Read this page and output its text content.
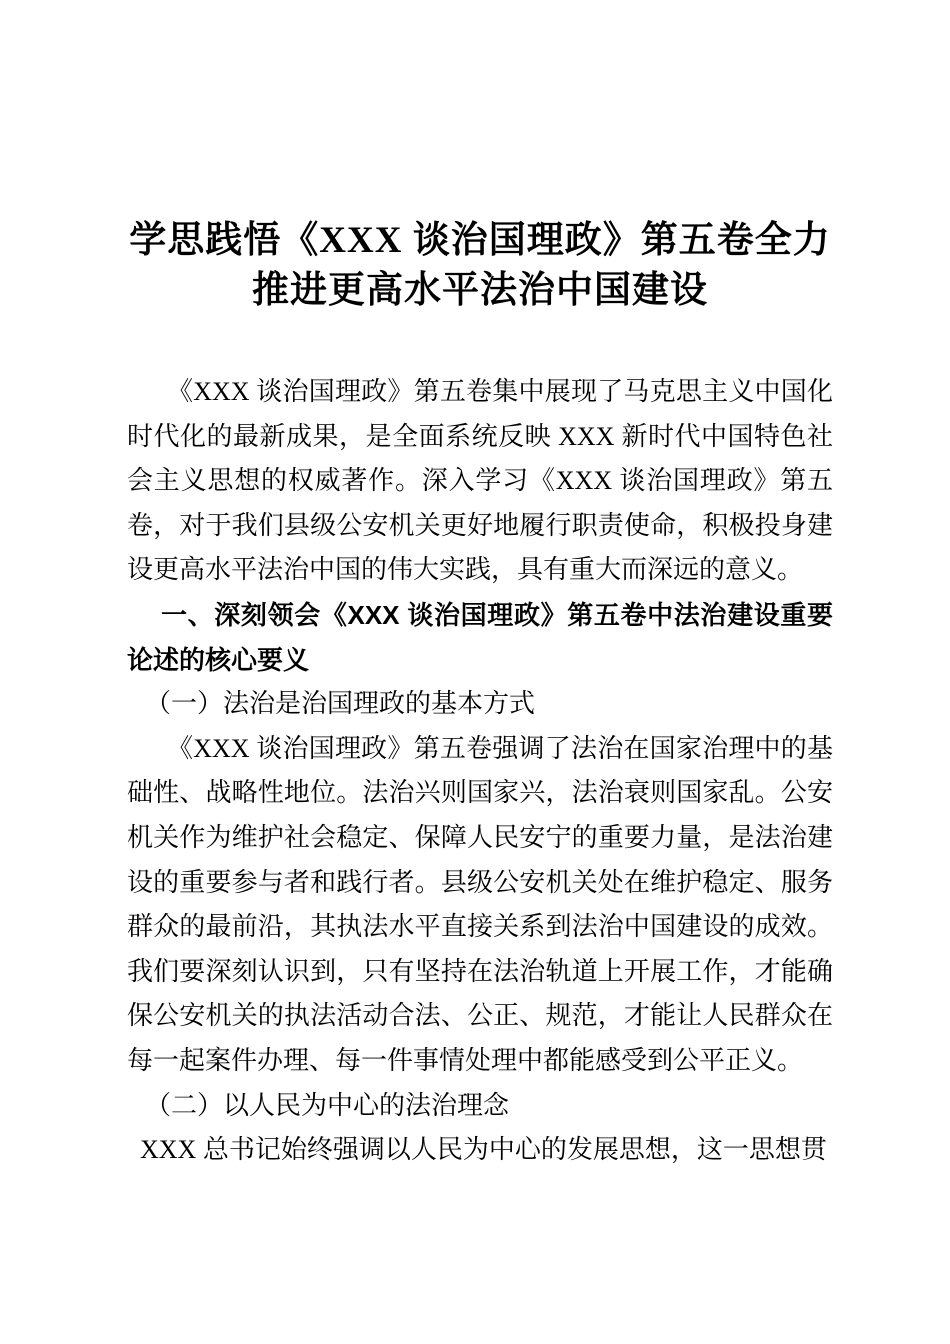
学思践悟《XXX 谈治国理政》第五卷全力推进更高水平法治中国建设

《XXX 谈治国理政》第五卷集中展现了马克思主义中国化时代化的最新成果，是全面系统反映 XXX 新时代中国特色社会主义思想的权威著作。深入学习《XXX 谈治国理政》第五卷，对于我们县级公安机关更好地履行职责使命，积极投身建设更高水平法治中国的伟大实践，具有重大而深远的意义。

一、深刻领会《XXX 谈治国理政》第五卷中法治建设重要论述的核心要义
（一）法治是治国理政的基本方式

《XXX 谈治国理政》第五卷强调了法治在国家治理中的基础性、战略性地位。法治兴则国家兴，法治衰则国家乱。公安机关作为维护社会稳定、保障人民安宁的重要力量，是法治建设的重要参与者和践行者。县级公安机关处在维护稳定、服务群众的最前沿，其执法水平直接关系到法治中国建设的成效。我们要深刻认识到，只有坚持在法治轨道上开展工作，才能确保公安机关的执法活动合法、公正、规范，才能让人民群众在每一起案件办理、每一件事情处理中都能感受到公平正义。

（二）以人民为中心的法治理念

XXX 总书记始终强调以人民为中心的发展思想，这一思想贯
